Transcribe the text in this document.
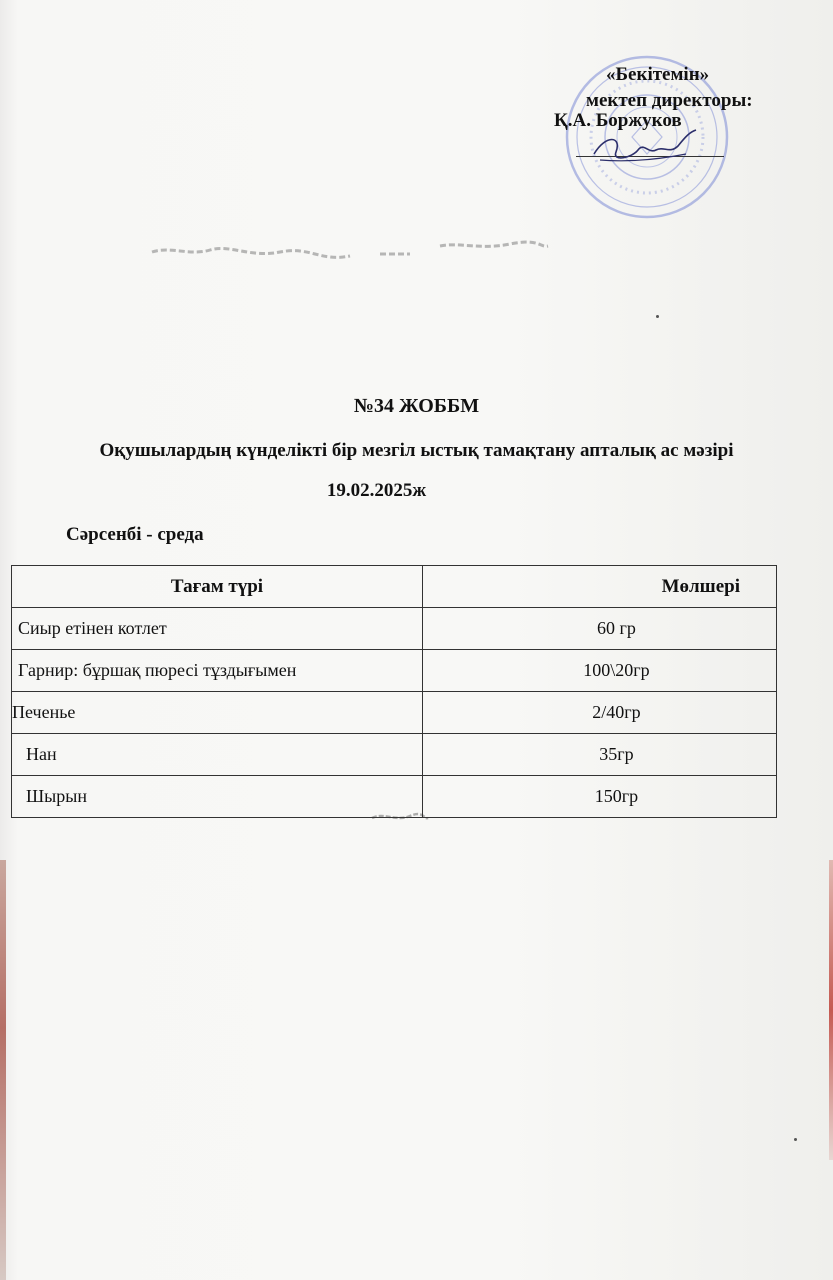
«Бекітемін»
мектеп директоры:
Қ.А. Боржуков
№34 ЖОББМ
Оқушылардың күнделікті бір мезгіл ыстық тамақтану апталық ас мәзірі
19.02.2025ж
Сәрсенбі - среда
Тағам түрі	Мөлшері
Сиыр етінен котлет	60 гр
Гарнир: бұршақ пюресі тұздығымен	100\20гр
Печенье	2/40гр
Нан	35гр
Шырын	150гр
